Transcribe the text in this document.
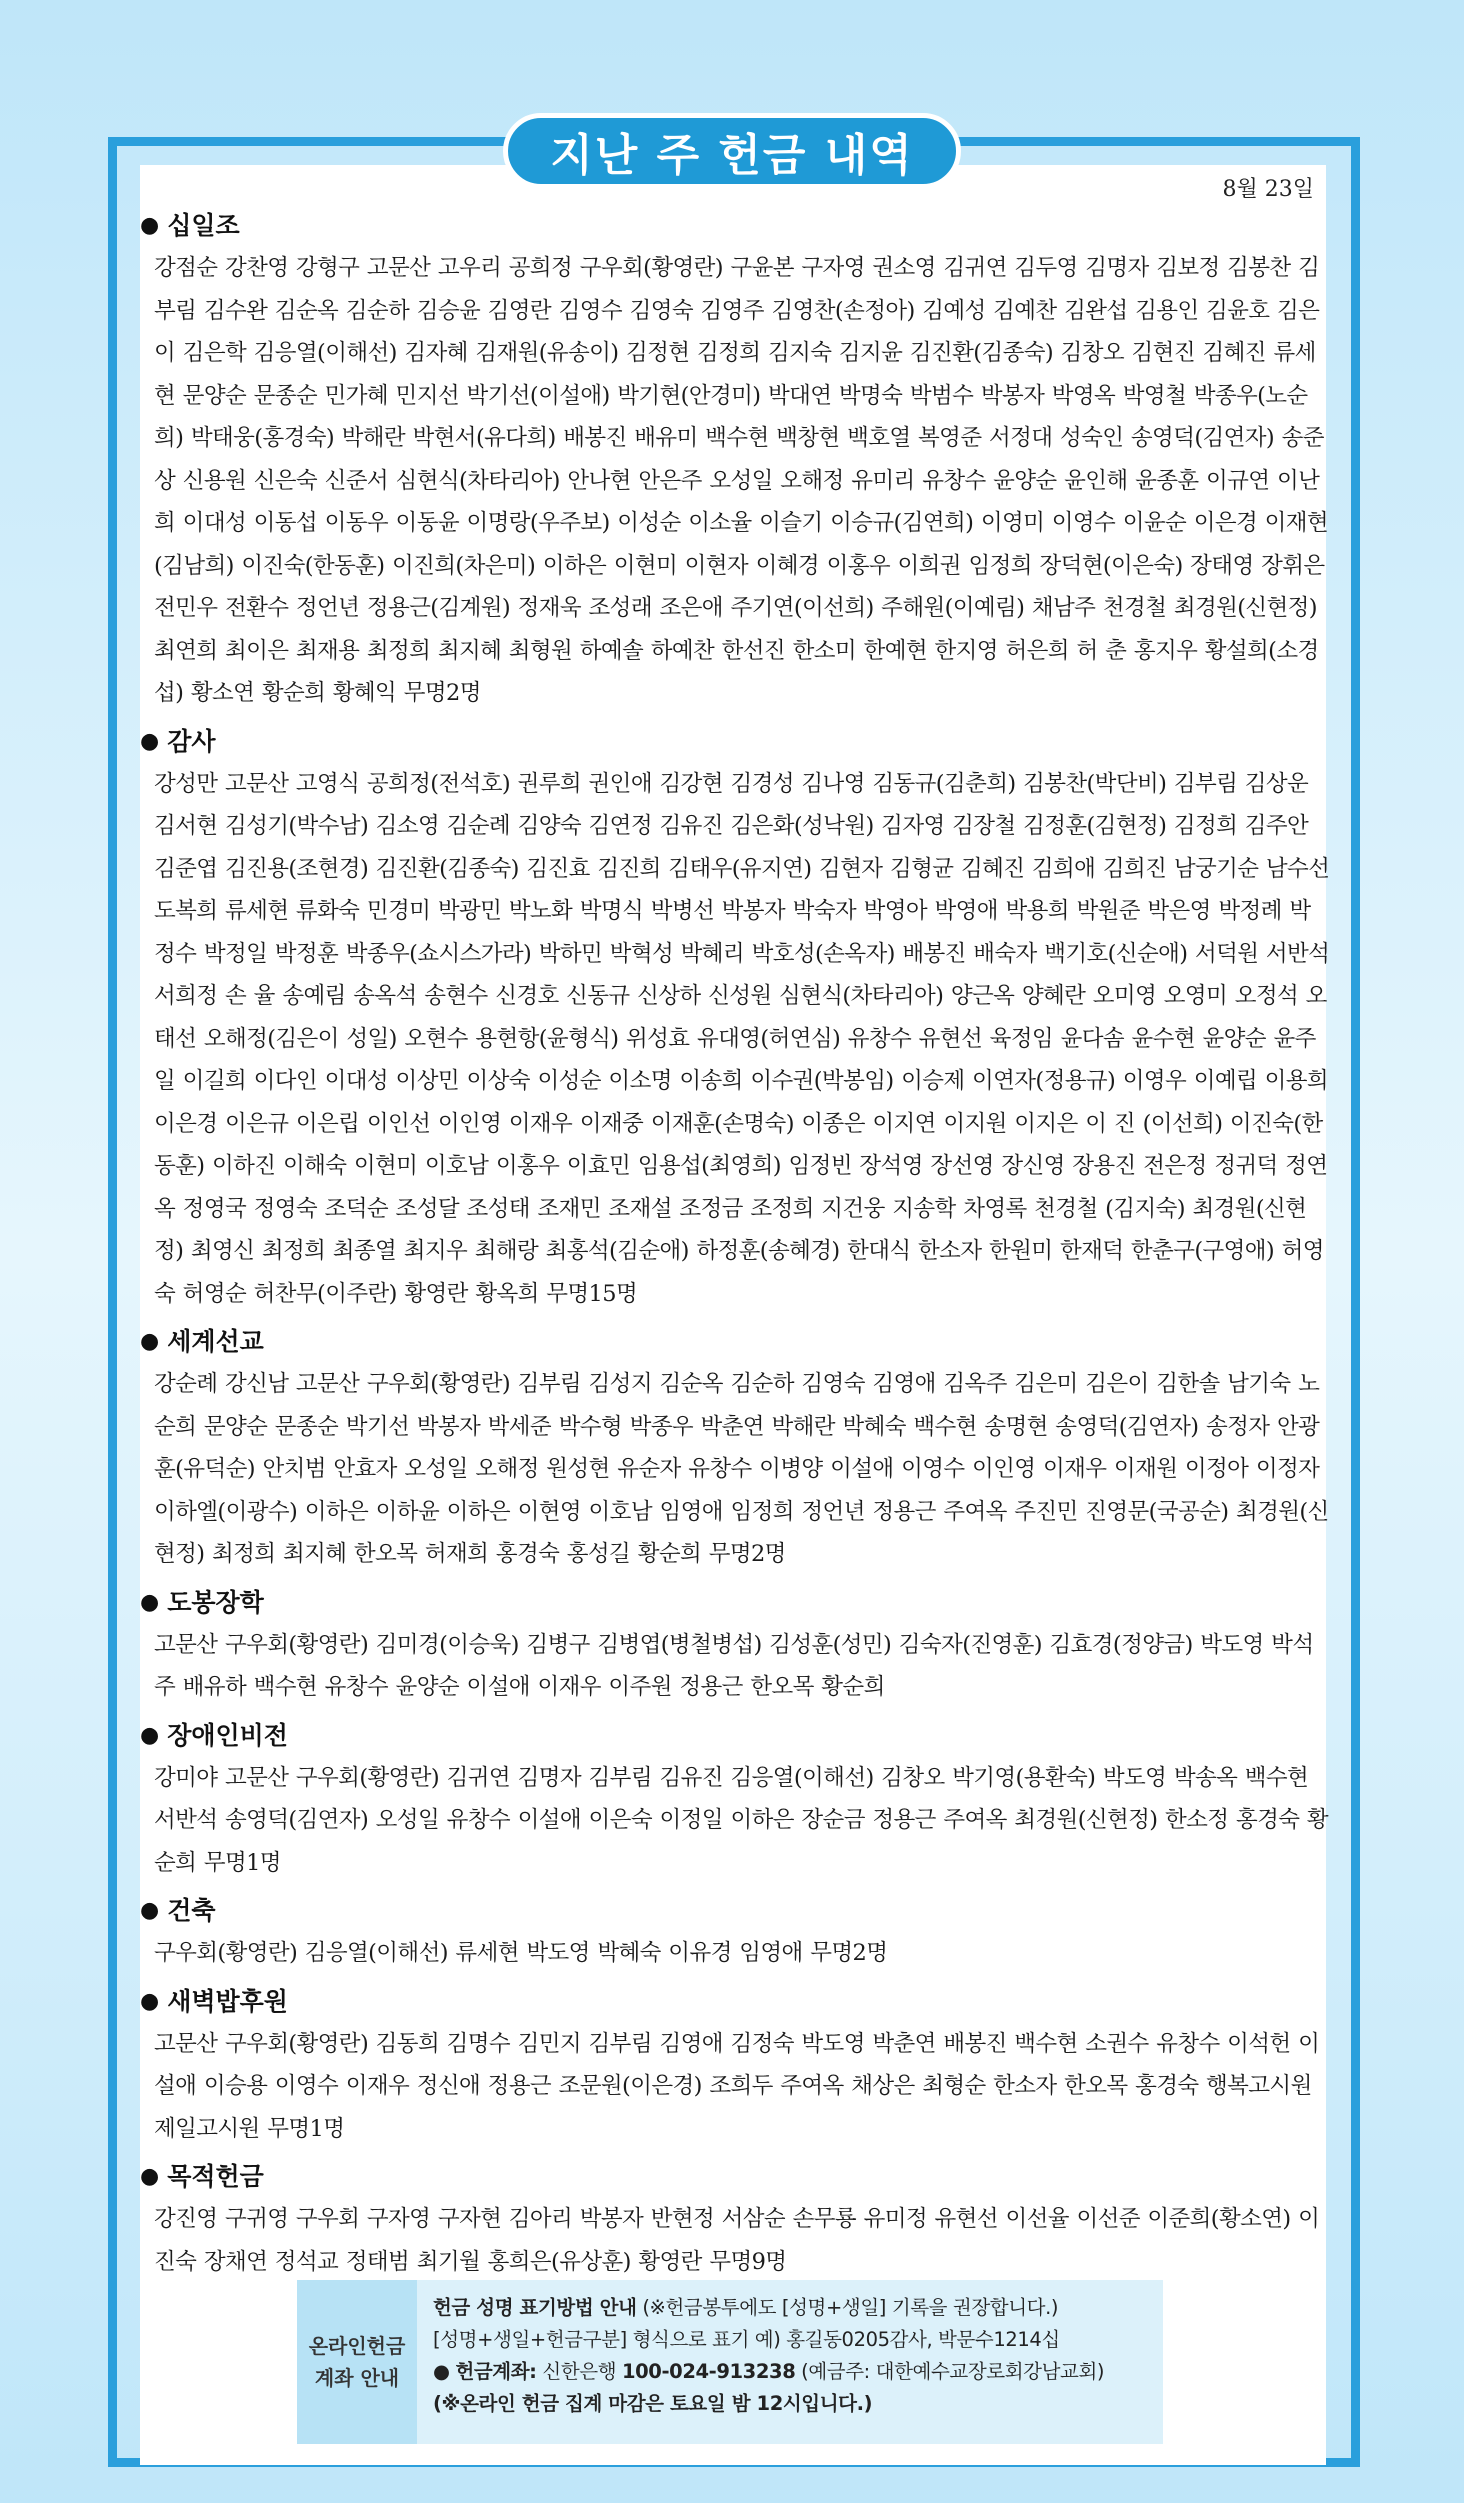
지난 주 헌금 내역
8월 23일
● 십일조
강점순 강찬영 강형구 고문산 고우리 공희정 구우회(황영란) 구윤본 구자영 권소영 김귀연 김두영 김명자 김보정 김봉찬 김부림 김수완 김순옥 김순하 김승윤 김영란 김영수 김영숙 김영주 김영찬(손정아) 김예성 김예찬 김완섭 김용인 김윤호 김은이 김은학 김응열(이해선) 김자혜 김재원(유송이) 김정현 김정희 김지숙 김지윤 김진환(김종숙) 김창오 김현진 김혜진 류세현 문양순 문종순 민가혜 민지선 박기선(이설애) 박기현(안경미) 박대연 박명숙 박범수 박봉자 박영옥 박영철 박종우(노순희) 박태웅(홍경숙) 박해란 박현서(유다희) 배봉진 배유미 백수현 백창현 백호열 복영준 서정대 성숙인 송영덕(김연자) 송준상 신용원 신은숙 신준서 심현식(차타리아) 안나현 안은주 오성일 오해정 유미리 유창수 윤양순 윤인해 윤종훈 이규연 이난희 이대성 이동섭 이동우 이동윤 이명랑(우주보) 이성순 이소율 이슬기 이승규(김연희) 이영미 이영수 이윤순 이은경 이재현(김남희) 이진숙(한동훈) 이진희(차은미) 이하은 이현미 이현자 이혜경 이홍우 이희권 임정희 장덕현(이은숙) 장태영 장휘은 전민우 전환수 정언년 정용근(김계원) 정재욱 조성래 조은애 주기연(이선희) 주해원(이예림) 채남주 천경철 최경원(신현정) 최연희 최이은 최재용 최정희 최지혜 최형원 하예솔 하예찬 한선진 한소미 한예현 한지영 허은희 허 춘 홍지우 황설희(소경섭) 황소연 황순희 황혜익 무명2명
● 감사
강성만 고문산 고영식 공희정(전석호) 권루희 권인애 김강현 김경성 김나영 김동규(김춘희) 김봉찬(박단비) 김부림 김상운 김서현 김성기(박수남) 김소영 김순례 김양숙 김연정 김유진 김은화(성낙원) 김자영 김장철 김정훈(김현정) 김정희 김주안 김준엽 김진용(조현경) 김진환(김종숙) 김진효 김진희 김태우(유지연) 김현자 김형균 김혜진 김희애 김희진 남궁기순 남수선 도복희 류세현 류화숙 민경미 박광민 박노화 박명식 박병선 박봉자 박숙자 박영아 박영애 박용희 박원준 박은영 박정례 박정수 박정일 박정훈 박종우(쇼시스가라) 박하민 박혁성 박혜리 박호성(손옥자) 배봉진 배숙자 백기호(신순애) 서덕원 서반석 서희정 손 율 송예림 송옥석 송현수 신경호 신동규 신상하 신성원 심현식(차타리아) 양근옥 양혜란 오미영 오영미 오정석 오태선 오해정(김은이 성일) 오현수 용현항(윤형식) 위성효 유대영(허연심) 유창수 유현선 육정임 윤다솜 윤수현 윤양순 윤주일 이길희 이다인 이대성 이상민 이상숙 이성순 이소명 이송희 이수권(박봉임) 이승제 이연자(정용규) 이영우 이예립 이용희 이은경 이은규 이은립 이인선 이인영 이재우 이재중 이재훈(손명숙) 이종은 이지연 이지원 이지은 이 진 (이선희) 이진숙(한동훈) 이하진 이해숙 이현미 이호남 이홍우 이효민 임용섭(최영희) 임정빈 장석영 장선영 장신영 장용진 전은정 정귀덕 정연옥 정영국 정영숙 조덕순 조성달 조성태 조재민 조재설 조정금 조정희 지건웅 지송학 차영록 천경철 (김지숙) 최경원(신현정) 최영신 최정희 최종열 최지우 최해랑 최홍석(김순애) 하정훈(송혜경) 한대식 한소자 한원미 한재덕 한춘구(구영애) 허영숙 허영순 허찬무(이주란) 황영란 황옥희 무명15명
● 세계선교
강순례 강신남 고문산 구우회(황영란) 김부림 김성지 김순옥 김순하 김영숙 김영애 김옥주 김은미 김은이 김한솔 남기숙 노순희 문양순 문종순 박기선 박봉자 박세준 박수형 박종우 박춘연 박해란 박혜숙 백수현 송명현 송영덕(김연자) 송정자 안광훈(유덕순) 안치범 안효자 오성일 오해정 원성현 유순자 유창수 이병양 이설애 이영수 이인영 이재우 이재원 이정아 이정자 이하엘(이광수) 이하은 이하윤 이하은 이현영 이호남 임영애 임정희 정언년 정용근 주여옥 주진민 진영문(국공순) 최경원(신현정) 최정희 최지혜 한오목 허재희 홍경숙 홍성길 황순희 무명2명
● 도봉장학
고문산 구우회(황영란) 김미경(이승욱) 김병구 김병엽(병철병섭) 김성훈(성민) 김숙자(진영훈) 김효경(정양금) 박도영 박석주 배유하 백수현 유창수 윤양순 이설애 이재우 이주원 정용근 한오목 황순희
● 장애인비전
강미야 고문산 구우회(황영란) 김귀연 김명자 김부림 김유진 김응열(이해선) 김창오 박기영(용환숙) 박도영 박송옥 백수현 서반석 송영덕(김연자) 오성일 유창수 이설애 이은숙 이정일 이하은 장순금 정용근 주여옥 최경원(신현정) 한소정 홍경숙 황순희 무명1명
● 건축
구우회(황영란) 김응열(이해선) 류세현 박도영 박혜숙 이유경 임영애 무명2명
● 새벽밥후원
고문산 구우회(황영란) 김동희 김명수 김민지 김부림 김영애 김정숙 박도영 박춘연 배봉진 백수현 소권수 유창수 이석헌 이설애 이승용 이영수 이재우 정신애 정용근 조문원(이은경) 조희두 주여옥 채상은 최형순 한소자 한오목 홍경숙 행복고시원 제일고시원 무명1명
● 목적헌금
강진영 구귀영 구우회 구자영 구자현 김아리 박봉자 반현정 서삼순 손무룡 유미정 유현선 이선율 이선준 이준희(황소연) 이진숙 장채연 정석교 정태범 최기월 홍희은(유상훈) 황영란 무명9명
온라인헌금
계좌 안내
헌금 성명 표기방법 안내 (※헌금봉투에도 [성명+생일] 기록을 권장합니다.)
[성명+생일+헌금구분] 형식으로 표기 예) 홍길동0205감사, 박문수1214십
● 헌금계좌: 신한은행 100-024-913238 (예금주: 대한예수교장로회강남교회)
(※온라인 헌금 집계 마감은 토요일 밤 12시입니다.)
